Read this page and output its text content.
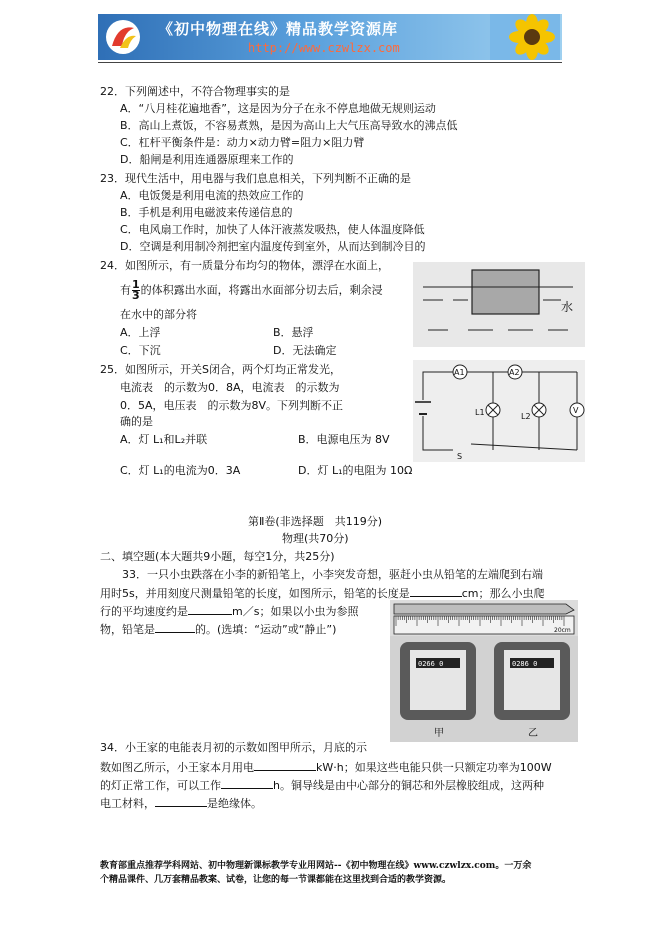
《初中物理在线》精品教学资源库
http://www.czwlzx.com
22．下列阐述中，不符合物理事实的是
A．“八月桂花遍地香”，这是因为分子在永不停息地做无规则运动
B．高山上煮饭，不容易煮熟，是因为高山上大气压高导致水的沸点低
C．杠杆平衡条件是：动力×动力臂=阻力×阻力臂
D．船闸是利用连通器原理来工作的
23．现代生活中，用电器与我们息息相关，下列判断不正确的是
A．电饭煲是利用电流的热效应工作的
B．手机是利用电磁波来传递信息的
C．电风扇工作时，加快了人体汗液蒸发吸热，使人体温度降低
D．空调是利用制冷剂把室内温度传到室外，从而达到制冷目的
24．如图所示，有一质量分布均匀的物体，漂浮在水面上，
有 $\frac{1}{3}$ 的体积露出水面，将露出水面部分切去后，剩余浸
在水中的部分将
A．上浮	B．悬浮
C．下沉	D．无法确定
水
25．如图所示，开关S闭合，两个灯均正常发光，
电流表　的示数为0．8A，电流表　的示数为
0．5A，电压表　的示数为8V。下列判断不正
确的是
A．灯 L₁和L₂并联	B．电源电压为 8V
C．灯 L₁的电流为0．3A	D．灯 L₁的电阻为 10Ω
A1	A2
V
L1	L2
S
第Ⅱ卷(非选择题　共119分)
物理(共70分)
二、填空题(本大题共9小题，每空1分，共25分)
33．一只小虫跌落在小李的新铅笔上，小李突发奇想，驱赶小虫从铅笔的左端爬到右端
用时5s，并用刻度尺测量铅笔的长度，如图所示，铅笔的长度是	cm；那么小虫爬
行的平均速度约是	m／s；如果以小虫为参照
物，铅笔是	的。(选填：“运动”或“静止”)	20cm
0266 0	0286 0
甲	乙
34．小王家的电能表月初的示数如图甲所示，月底的示
数如图乙所示，小王家本月用电	kW·h；如果这些电能只供一只额定功率为100W
的灯正常工作，可以工作	h。铜导线是由中心部分的铜芯和外层橡胶组成，这两种
电工材料，	是绝缘体。
教育部重点推荐学科网站、初中物理新课标教学专业用网站--《初中物理在线》www.czwlzx.com。一万余
个精品课件、几万套精品教案、试卷，让您的每一节课都能在这里找到合适的教学资源。
